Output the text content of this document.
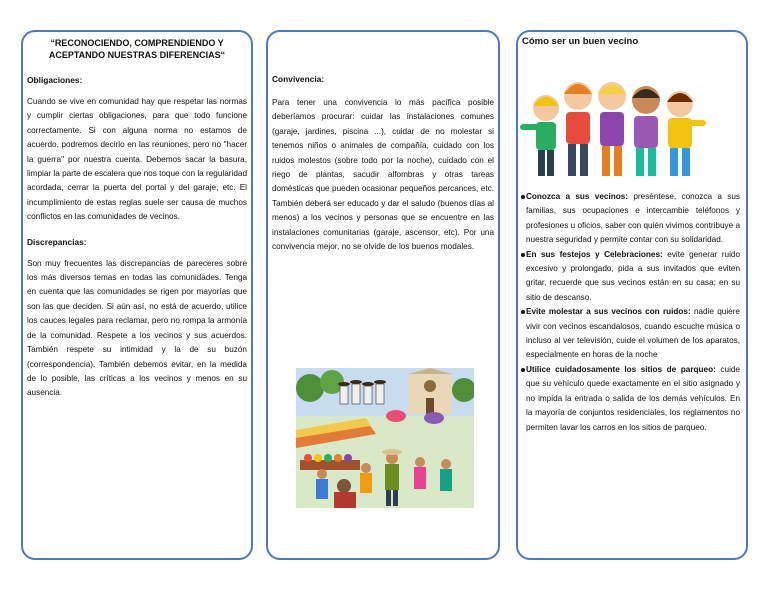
“RECONOCIENDO, COMPRENDIENDO Y ACEPTANDO NUESTRAS DIFERENCIAS“
Obligaciones:
Cuando se vive en comunidad hay que respetar las normas y cumplir ciertas obligaciones, para que todo funcione correctamente. Si con alguna norma no estamos de acuerdo, podremos decirlo en las reuniones, pero no "hacer la guerra" por nuestra cuenta. Debemos sacar la basura, limpiar la parte de escalera que nos toque con la regularidad acordada, cerrar la puerta del portal y del garaje, etc. El incumplimiento de estas reglas suele ser causa de muchos conflictos en las comunidades de vecinos.
Discrepancias:
Son muy frecuentes las discrepancias de pareceres sobre los más diversos temas en todas las comunidades. Tenga en cuenta que las comunidades se rigen por mayorías que son las que deciden. Si aún así, no está de acuerdo, utilice los cauces legales para reclamar, pero no rompa la armonía de la comunidad. Respete a los vecinos y sus acuerdos. También respete su intimidad y la de su buzón (correspondencia). También debemos evitar, en la medida de lo posible, las críticas a los vecinos y menos en su ausencia.
Convivencia:
Para tener una convivencia lo más pacífica posible deberíamos procurar: cuidar las instalaciones comunes (garaje, jardines, piscina ...), cuidar de no molestar si tenemos niños o animales de compañía, cuidado con los ruidos molestos (sobre todo por la noche), cuidado con el riego de plantas, sacudir alfombras y otras tareas domésticas que pueden ocasionar pequeños percances, etc. También deberá ser educado y dar el saludo (buenos días al menos) a los vecinos y personas que se encuentre en las instalaciones comunitarias (garaje, ascensor, etc). Por una convivencia mejor, no se olvide de los buenos modales.
Cómo ser un buen vecino
Conozca a sus vecinos: preséntese, conozca a sus familias, sus ocupaciones e intercambie teléfonos y profesiones u oficios, saber con quién vivimos contribuye a nuestra seguridad y permite contar con su solidaridad.
En sus festejos y Celebraciones: evite generar ruido excesivo y prolongado, pida a sus invitados que eviten gritar, recuerde que sus vecinos están en su casa; en su sitio de descanso.
Evite molestar a sus vecinos con ruidos: nadie quiere vivir con vecinos escandalosos, cuando escuche música o incluso al ver televisión, cuide el volumen de los aparatos, especialmente en horas de la noche
Utilice cuidadosamente los sitios de parqueo: cuide que su vehículo quede exactamente en el sitio asignado y no impida la entrada o salida de los demás vehículos. En la mayoría de conjuntos residenciales, los reglamentos no permiten lavar los carros en los sitios de parqueo.
